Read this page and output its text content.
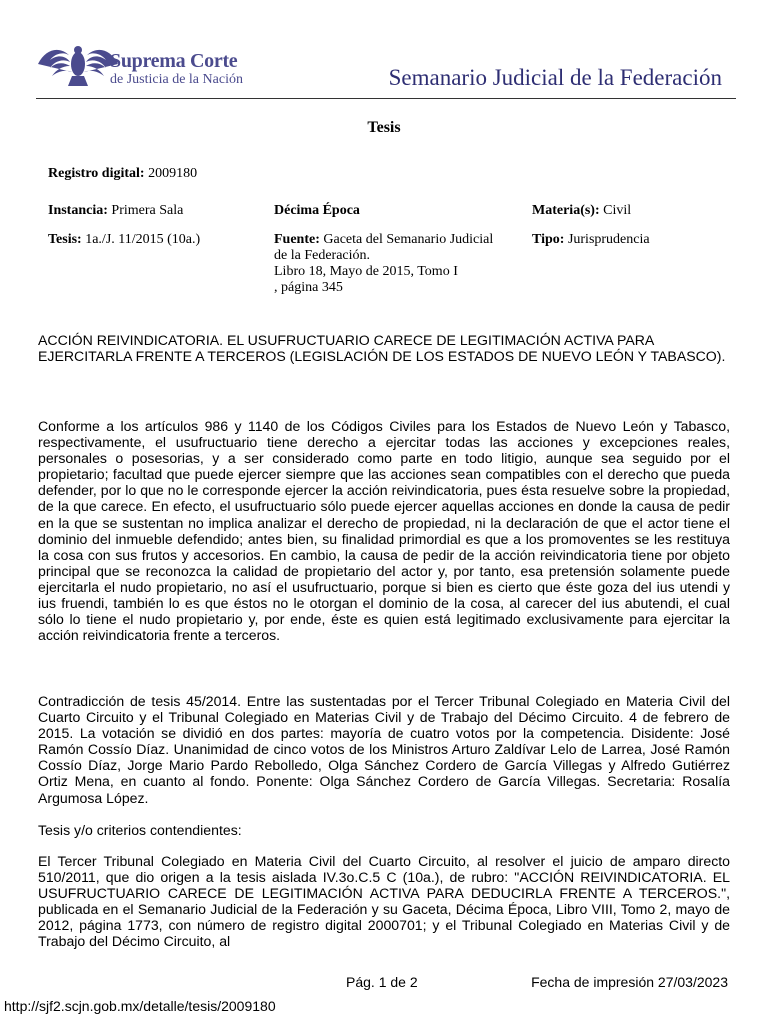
Suprema Corte
de Justicia de la Nación	Semanario Judicial de la Federación
Tesis
Registro digital: 2009180
Instancia: Primera Sala	Décima Época	Materia(s): Civil
Tesis: 1a./J. 11/2015 (10a.)	Fuente: Gaceta del Semanario Judicial
de la Federación.
Libro 18, Mayo de 2015, Tomo I
, página 345
Tipo: Jurisprudencia
ACCIÓN REIVINDICATORIA. EL USUFRUCTUARIO CARECE DE LEGITIMACIÓN ACTIVA PARA EJERCITARLA FRENTE A TERCEROS (LEGISLACIÓN DE LOS ESTADOS DE NUEVO LEÓN Y TABASCO).
Conforme a los artículos 986 y 1140 de los Códigos Civiles para los Estados de Nuevo León y Tabasco, respectivamente, el usufructuario tiene derecho a ejercitar todas las acciones y excepciones reales, personales o posesorias, y a ser considerado como parte en todo litigio, aunque sea seguido por el propietario; facultad que puede ejercer siempre que las acciones sean compatibles con el derecho que pueda defender, por lo que no le corresponde ejercer la acción reivindicatoria, pues ésta resuelve sobre la propiedad, de la que carece. En efecto, el usufructuario sólo puede ejercer aquellas acciones en donde la causa de pedir en la que se sustentan no implica analizar el derecho de propiedad, ni la declaración de que el actor tiene el dominio del inmueble defendido; antes bien, su finalidad primordial es que a los promoventes se les restituya la cosa con sus frutos y accesorios. En cambio, la causa de pedir de la acción reivindicatoria tiene por objeto principal que se reconozca la calidad de propietario del actor y, por tanto, esa pretensión solamente puede ejercitarla el nudo propietario, no así el usufructuario, porque si bien es cierto que éste goza del ius utendi y ius fruendi, también lo es que éstos no le otorgan el dominio de la cosa, al carecer del ius abutendi, el cual sólo lo tiene el nudo propietario y, por ende, éste es quien está legitimado exclusivamente para ejercitar la acción reivindicatoria frente a terceros.
Contradicción de tesis 45/2014. Entre las sustentadas por el Tercer Tribunal Colegiado en Materia Civil del Cuarto Circuito y el Tribunal Colegiado en Materias Civil y de Trabajo del Décimo Circuito. 4 de febrero de 2015. La votación se dividió en dos partes: mayoría de cuatro votos por la competencia. Disidente: José Ramón Cossío Díaz. Unanimidad de cinco votos de los Ministros Arturo Zaldívar Lelo de Larrea, José Ramón Cossío Díaz, Jorge Mario Pardo Rebolledo, Olga Sánchez Cordero de García Villegas y Alfredo Gutiérrez Ortiz Mena, en cuanto al fondo. Ponente: Olga Sánchez Cordero de García Villegas. Secretaria: Rosalía Argumosa López.
Tesis y/o criterios contendientes:
El Tercer Tribunal Colegiado en Materia Civil del Cuarto Circuito, al resolver el juicio de amparo directo 510/2011, que dio origen a la tesis aislada IV.3o.C.5 C (10a.), de rubro: "ACCIÓN REIVINDICATORIA. EL USUFRUCTUARIO CARECE DE LEGITIMACIÓN ACTIVA PARA DEDUCIRLA FRENTE A TERCEROS.", publicada en el Semanario Judicial de la Federación y su Gaceta, Décima Época, Libro VIII, Tomo 2, mayo de 2012, página 1773, con número de registro digital 2000701; y el Tribunal Colegiado en Materias Civil y de Trabajo del Décimo Circuito, al
Pág. 1 de 2	Fecha de impresión 27/03/2023
http://sjf2.scjn.gob.mx/detalle/tesis/2009180
